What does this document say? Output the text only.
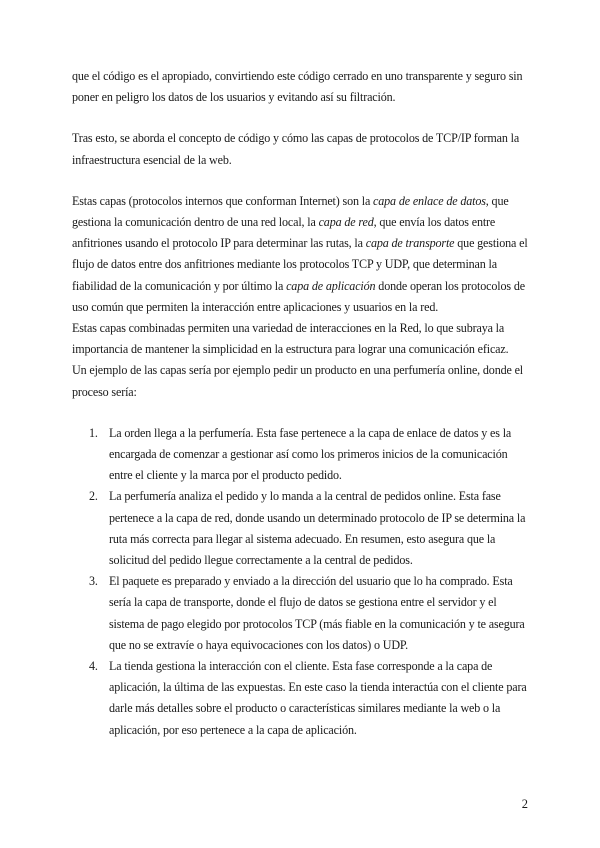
que el código es el apropiado, convirtiendo este código cerrado en uno transparente y seguro sin poner en peligro los datos de los usuarios y evitando así su filtración.

Tras esto, se aborda el concepto de código y cómo las capas de protocolos de TCP/IP forman la infraestructura esencial de la web.

Estas capas (protocolos internos que conforman Internet) son la capa de enlace de datos, que gestiona la comunicación dentro de una red local, la capa de red, que envía los datos entre anfitriones usando el protocolo IP para determinar las rutas, la capa de transporte que gestiona el flujo de datos entre dos anfitriones mediante los protocolos TCP y UDP, que determinan la fiabilidad de la comunicación y por último la capa de aplicación donde operan los protocolos de uso común que permiten la interacción entre aplicaciones y usuarios en la red.

Estas capas combinadas permiten una variedad de interacciones en la Red, lo que subraya la importancia de mantener la simplicidad en la estructura para lograr una comunicación eficaz.

Un ejemplo de las capas sería por ejemplo pedir un producto en una perfumería online, donde el proceso sería:

1. La orden llega a la perfumería. Esta fase pertenece a la capa de enlace de datos y es la encargada de comenzar a gestionar así como los primeros inicios de la comunicación entre el cliente y la marca por el producto pedido.
2. La perfumería analiza el pedido y lo manda a la central de pedidos online. Esta fase pertenece a la capa de red, donde usando un determinado protocolo de IP se determina la ruta más correcta para llegar al sistema adecuado. En resumen, esto asegura que la solicitud del pedido llegue correctamente a la central de pedidos.
3. El paquete es preparado y enviado a la dirección del usuario que lo ha comprado. Esta sería la capa de transporte, donde el flujo de datos se gestiona entre el servidor y el sistema de pago elegido por protocolos TCP (más fiable en la comunicación y te asegura que no se extravíe o haya equivocaciones con los datos) o UDP.
4. La tienda gestiona la interacción con el cliente. Esta fase corresponde a la capa de aplicación, la última de las expuestas. En este caso la tienda interactúa con el cliente para darle más detalles sobre el producto o características similares mediante la web o la aplicación, por eso pertenece a la capa de aplicación.
2
